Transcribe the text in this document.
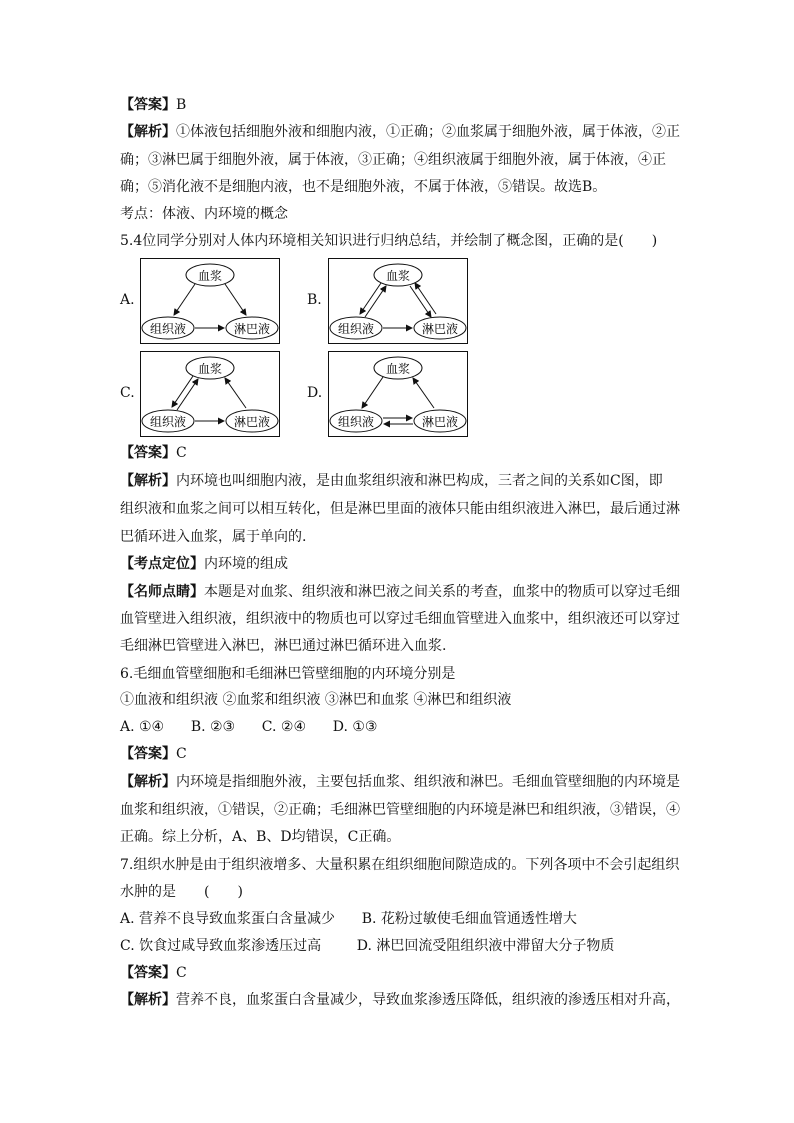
【答案】B
【解析】①体液包括细胞外液和细胞内液，①正确；②血浆属于细胞外液，属于体液，②正
确；③淋巴属于细胞外液，属于体液，③正确；④组织液属于细胞外液，属于体液，④正
确；⑤消化液不是细胞内液，也不是细胞外液，不属于体液，⑤错误。故选B。
考点：体液、内环境的概念
5.4位同学分别对人体内环境相关知识进行归纳总结，并绘制了概念图，正确的是(　　)
A.	B.
C.	D.
血浆
组织液	淋巴液
血浆
组织液	淋巴液
血浆
组织液	淋巴液
血浆
组织液	淋巴液
【答案】C
【解析】内环境也叫细胞内液，是由血浆组织液和淋巴构成，三者之间的关系如C图，即
组织液和血浆之间可以相互转化，但是淋巴里面的液体只能由组织液进入淋巴，最后通过淋
巴循环进入血浆，属于单向的.
【考点定位】内环境的组成
【名师点睛】本题是对血浆、组织液和淋巴液之间关系的考查，血浆中的物质可以穿过毛细
血管壁进入组织液，组织液中的物质也可以穿过毛细血管壁进入血浆中，组织液还可以穿过
毛细淋巴管壁进入淋巴，淋巴通过淋巴循环进入血浆.
6.毛细血管壁细胞和毛细淋巴管壁细胞的内环境分别是
①血液和组织液 ②血浆和组织液 ③淋巴和血浆 ④淋巴和组织液
A. ①④      B. ②③      C. ②④      D. ①③
【答案】C
【解析】内环境是指细胞外液，主要包括血浆、组织液和淋巴。毛细血管壁细胞的内环境是
血浆和组织液，①错误，②正确；毛细淋巴管壁细胞的内环境是淋巴和组织液，③错误，④
正确。综上分析，A、B、D均错误，C正确。
7.组织水肿是由于组织液增多、大量积累在组织细胞间隙造成的。下列各项中不会引起组织
水肿的是　　(　　)
A. 营养不良导致血浆蛋白含量减少      B. 花粉过敏使毛细血管通透性增大
C. 饮食过咸导致血浆渗透压过高        D. 淋巴回流受阻组织液中滞留大分子物质
【答案】C
【解析】营养不良，血浆蛋白含量减少，导致血浆渗透压降低，组织液的渗透压相对升高，
